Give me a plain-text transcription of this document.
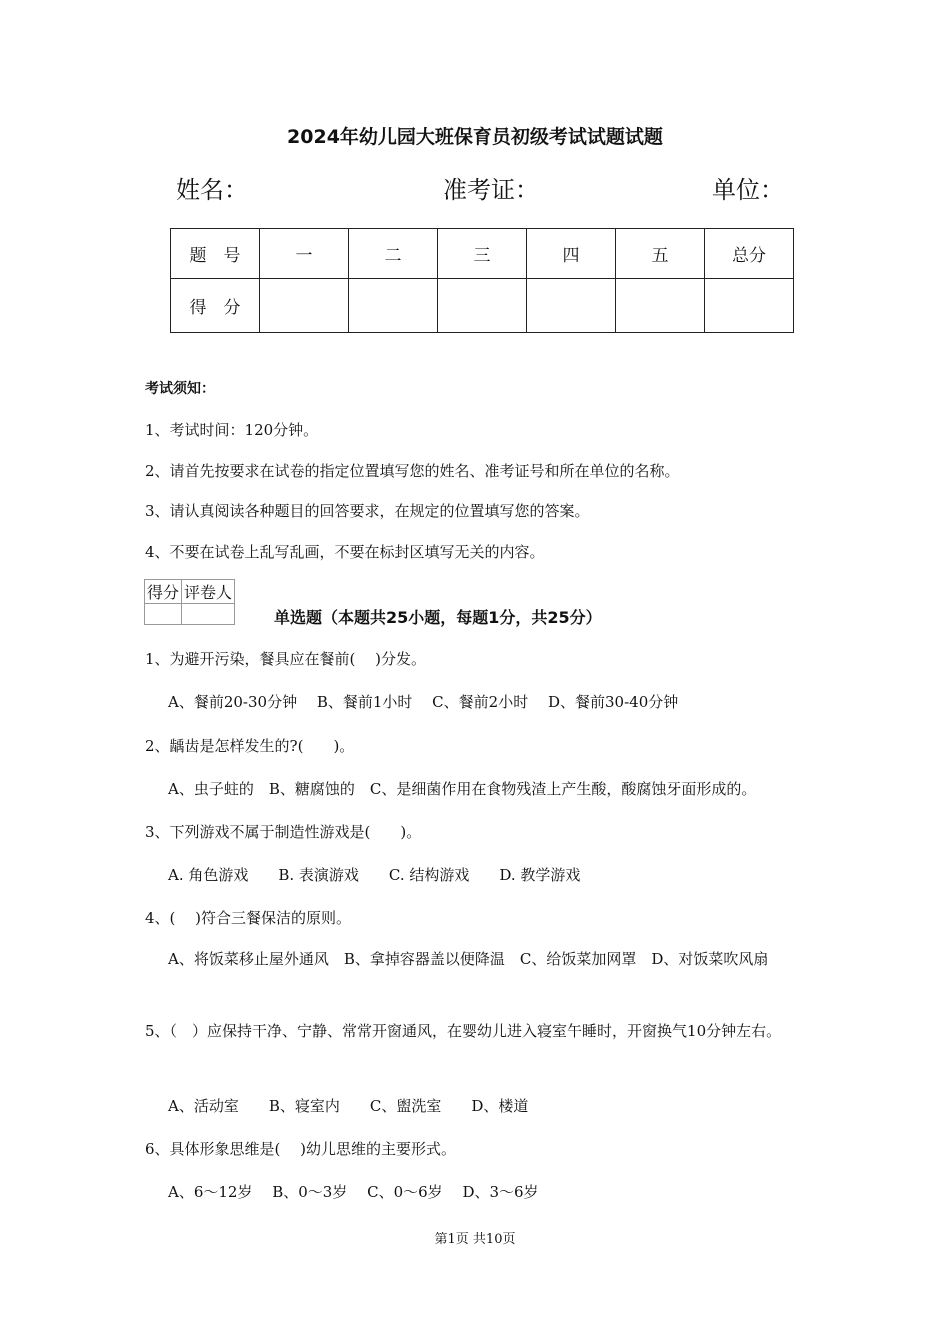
2024年幼儿园大班保育员初级考试试题试题
姓名：	准考证：	单位：
题　号	一	二	三	四	五	总分
得　分						
考试须知：
1、考试时间：120分钟。
2、请首先按要求在试卷的指定位置填写您的姓名、准考证号和所在单位的名称。
3、请认真阅读各种题目的回答要求，在规定的位置填写您的答案。
4、不要在试卷上乱写乱画，不要在标封区填写无关的内容。
得分	评卷人

单选题（本题共25小题，每题1分，共25分）
1、为避开污染，餐具应在餐前(　 )分发。
A、餐前20-30分钟　 B、餐前1小时　 C、餐前2小时　 D、餐前30-40分钟
2、龋齿是怎样发生的?(　　)。
A、虫子蛀的　B、糖腐蚀的　C、是细菌作用在食物残渣上产生酸，酸腐蚀牙面形成的。
3、下列游戏不属于制造性游戏是(　　)。
A. 角色游戏　　B. 表演游戏　　C. 结构游戏　　D. 教学游戏
4、(　 )符合三餐保洁的原则。
A、将饭菜移止屋外通风　B、拿掉容器盖以便降温　C、给饭菜加网罩　D、对饭菜吹风扇
5、（　）应保持干净、宁静、常常开窗通风，在婴幼儿进入寝室午睡时，开窗换气10分钟左右。
A、活动室　　B、寝室内　　C、盥洗室　　D、楼道
6、具体形象思维是(　 )幼儿思维的主要形式。
A、6～12岁　 B、0～3岁　 C、0～6岁　 D、3～6岁
第1页 共10页
